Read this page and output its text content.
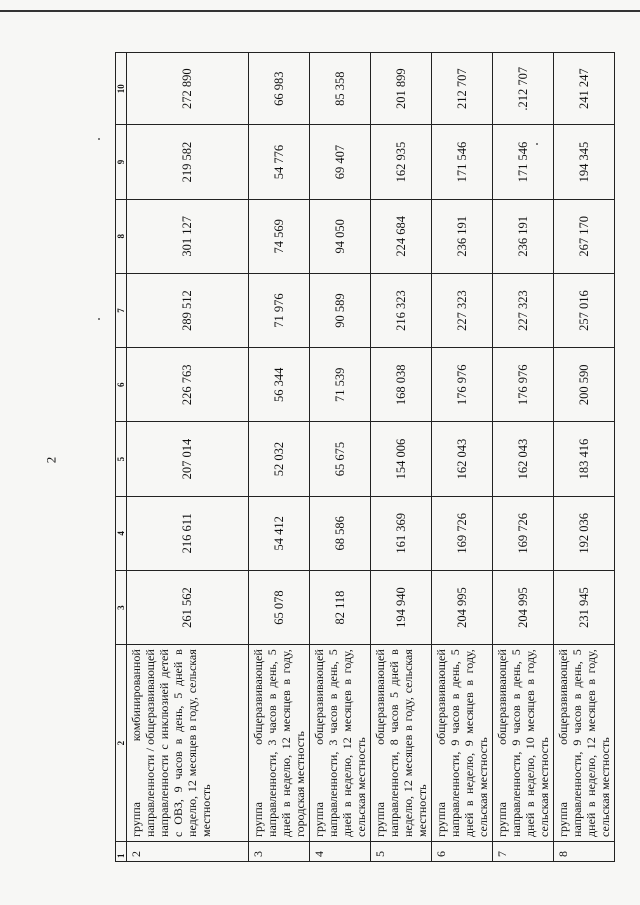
2
1	2	3	4	5	6	7	8	9	10
2	группа комбинированной направленности / общеразвивающей направленности с инклюзией детей с ОВЗ, 9 часов в день, 5 дней в неделю, 12 месяцев в году, сельская местность	261 562	216 611	207 014	226 763	289 512	301 127	219 582	272 890
3	группа общеразвивающей направленности, 3 часов в день, 5 дней в неделю, 12 месяцев в году, городская местность	65 078	54 412	52 032	56 344	71 976	74 569	54 776	66 983
4	группа общеразвивающей направленности, 3 часов в день, 5 дней в неделю, 12 месяцев в году, сельская местность	82 118	68 586	65 675	71 539	90 589	94 050	69 407	85 358
5	группа общеразвивающей направленности, 8 часов 5 дней в неделю, 12 месяцев в году, сельская местность	194 940	161 369	154 006	168 038	216 323	224 684	162 935	201 899
6	группа общеразвивающей направленности, 9 часов в день, 5 дней в неделю, 9 месяцев в году, сельская местность	204 995	169 726	162 043	176 976	227 323	236 191	171 546	212 707
7	группа общеразвивающей направленности, 9 часов в день, 5 дней в неделю, 10 месяцев в году, сельская местность	204 995	169 726	162 043	176 976	227 323	236 191	171 546	.212 707
8	группа общеразвивающей направленности, 9 часов в день, 5 дней в неделю, 12 месяцев в году, сельская местность	231 945	192 036	183 416	200 590	257 016	267 170	194 345	241 247
